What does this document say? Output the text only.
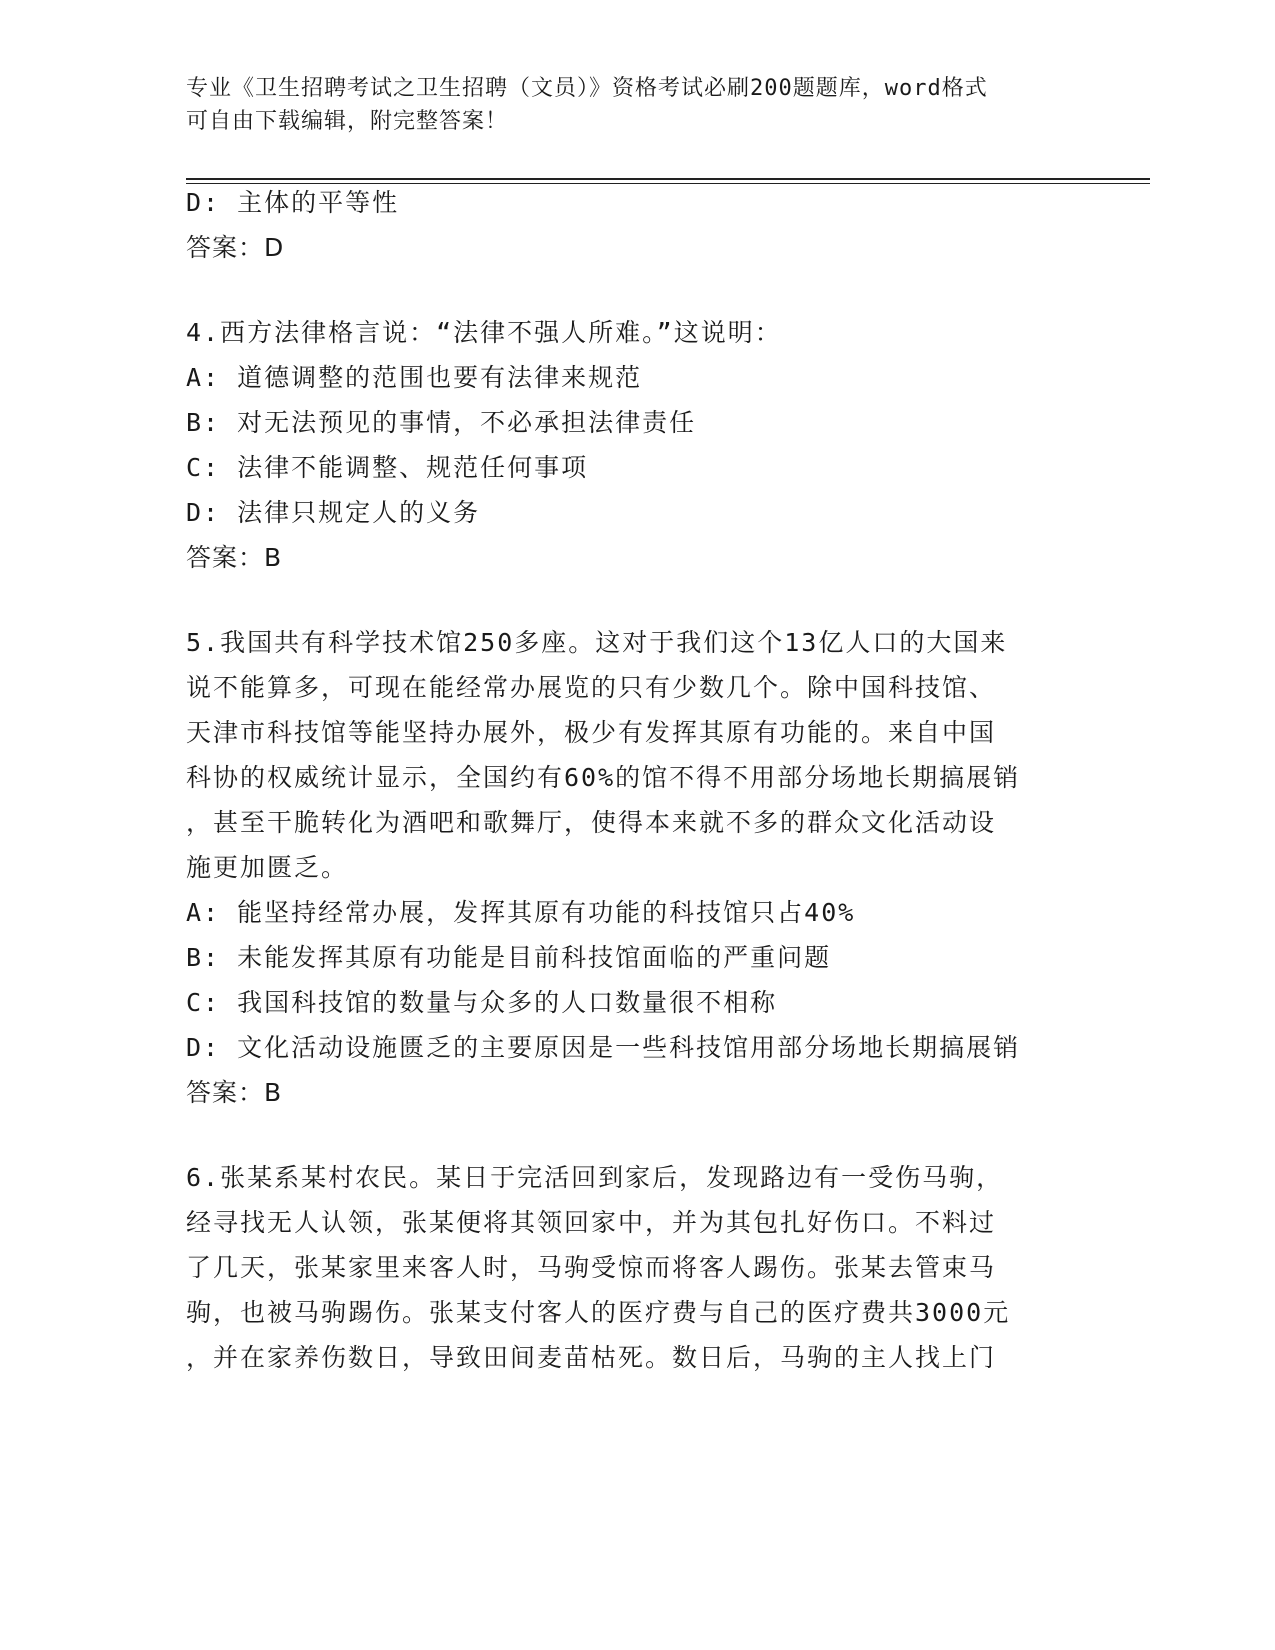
专业《卫生招聘考试之卫生招聘（文员）》资格考试必刷200题题库，word格式
可自由下载编辑，附完整答案！
D: 主体的平等性
答案：D
4.西方法律格言说：“法律不强人所难。”这说明：
A: 道德调整的范围也要有法律来规范
B: 对无法预见的事情，不必承担法律责任
C: 法律不能调整、规范任何事项
D: 法律只规定人的义务
答案：B
5.我国共有科学技术馆250多座。这对于我们这个13亿人口的大国来
说不能算多，可现在能经常办展览的只有少数几个。除中国科技馆、
天津市科技馆等能坚持办展外，极少有发挥其原有功能的。来自中国
科协的权威统计显示，全国约有60%的馆不得不用部分场地长期搞展销
，甚至干脆转化为酒吧和歌舞厅，使得本来就不多的群众文化活动设
施更加匮乏。
A: 能坚持经常办展，发挥其原有功能的科技馆只占40%
B: 未能发挥其原有功能是目前科技馆面临的严重问题
C: 我国科技馆的数量与众多的人口数量很不相称
D: 文化活动设施匮乏的主要原因是一些科技馆用部分场地长期搞展销
答案：B
6.张某系某村农民。某日于完活回到家后，发现路边有一受伤马驹，
经寻找无人认领，张某便将其领回家中，并为其包扎好伤口。不料过
了几天，张某家里来客人时，马驹受惊而将客人踢伤。张某去管束马
驹，也被马驹踢伤。张某支付客人的医疗费与自己的医疗费共3000元
，并在家养伤数日，导致田间麦苗枯死。数日后，马驹的主人找上门
